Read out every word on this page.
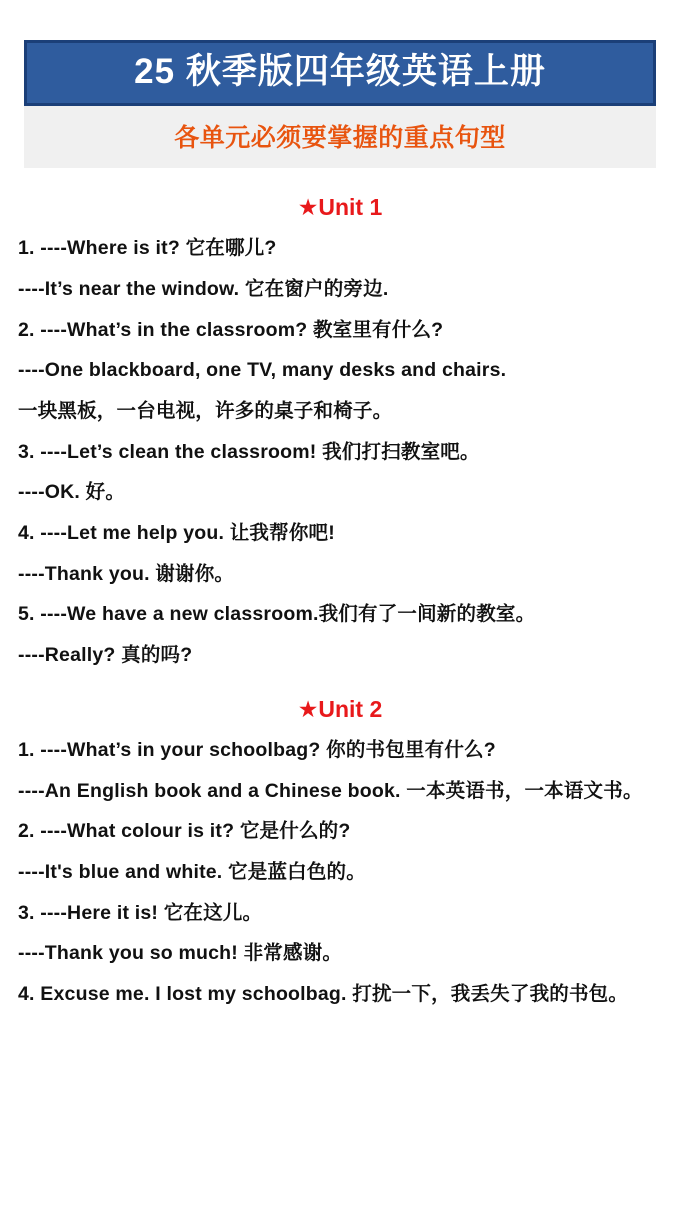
25 秋季版四年级英语上册
各单元必须要掌握的重点句型
★Unit 1

1. ----Where is it? 它在哪儿?

----It’s near the window. 它在窗户的旁边.

2. ----What’s in the classroom? 教室里有什么?

----One blackboard, one TV, many desks and chairs.

一块黑板，一台电视，许多的桌子和椅子。

3. ----Let’s clean the classroom! 我们打扫教室吧。

----OK. 好。

4. ----Let me help you. 让我帮你吧!

----Thank you. 谢谢你。

5. ----We have a new classroom.我们有了一间新的教室。

----Really? 真的吗?

★Unit 2

1. ----What’s in your schoolbag? 你的书包里有什么?

----An English book and a Chinese book. 一本英语书，一本语文书。

2. ----What colour is it? 它是什么的?

----It's blue and white. 它是蓝白色的。

3. ----Here it is! 它在这儿。

----Thank you so much! 非常感谢。

4. Excuse me. I lost my schoolbag. 打扰一下，我丢失了我的书包。
